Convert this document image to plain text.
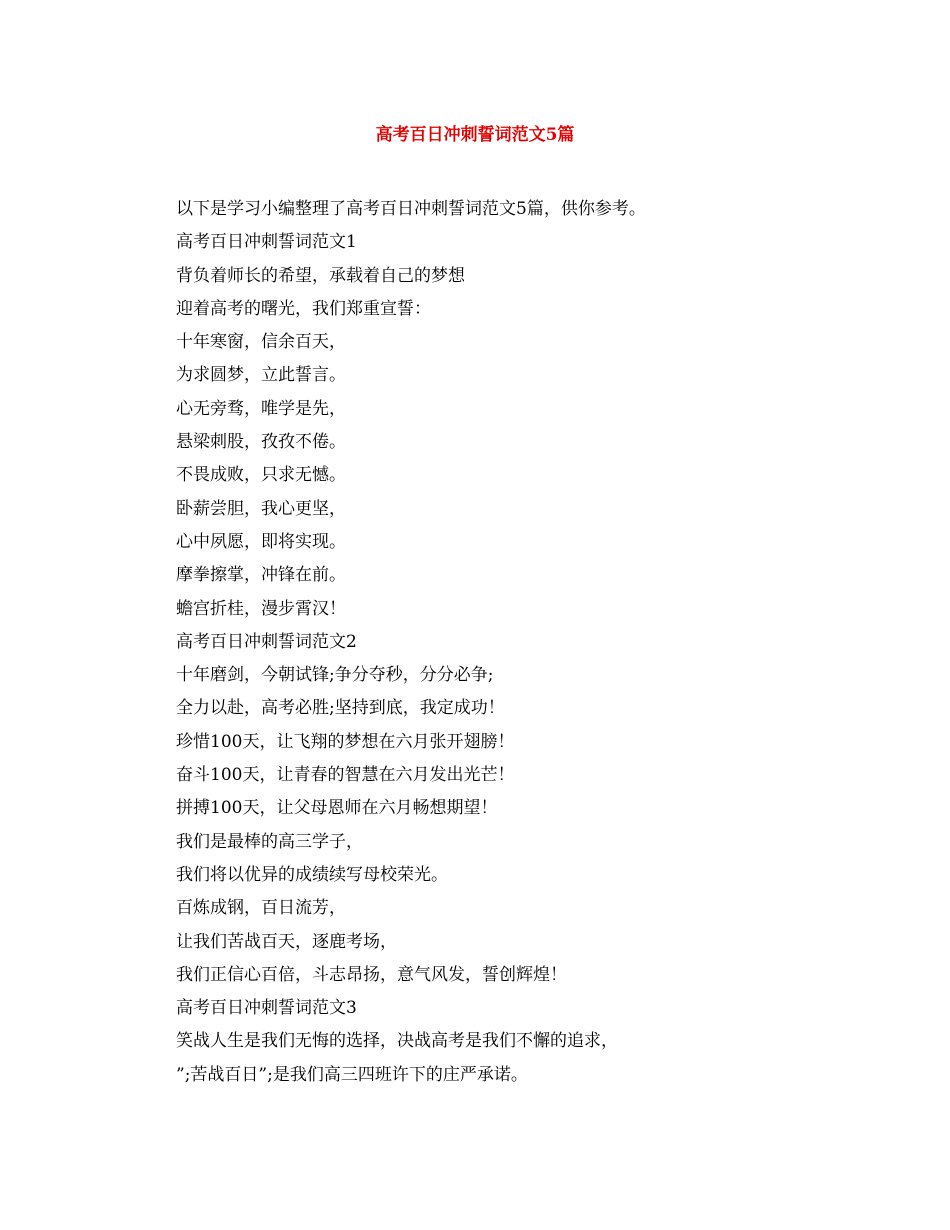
高考百日冲刺誓词范文5篇
以下是学习小编整理了高考百日冲刺誓词范文5篇，供你参考。
高考百日冲刺誓词范文1
背负着师长的希望，承载着自己的梦想
迎着高考的曙光，我们郑重宣誓：
十年寒窗，信余百天，
为求圆梦，立此誓言。
心无旁骛，唯学是先，
悬梁刺股，孜孜不倦。
不畏成败，只求无憾。
卧薪尝胆，我心更坚，
心中夙愿，即将实现。
摩拳擦掌，冲锋在前。
蟾宫折桂，漫步霄汉！
高考百日冲刺誓词范文2
十年磨剑，今朝试锋;争分夺秒，分分必争;
全力以赴，高考必胜;坚持到底，我定成功！
珍惜100天，让飞翔的梦想在六月张开翅膀！
奋斗100天，让青春的智慧在六月发出光芒！
拼搏100天，让父母恩师在六月畅想期望！
我们是最棒的高三学子，
我们将以优异的成绩续写母校荣光。
百炼成钢，百日流芳，
让我们苦战百天，逐鹿考场，
我们正信心百倍，斗志昂扬，意气风发，誓创辉煌！
高考百日冲刺誓词范文3
笑战人生是我们无悔的选择，决战高考是我们不懈的追求，
”;苦战百日”;是我们高三四班许下的庄严承诺。
